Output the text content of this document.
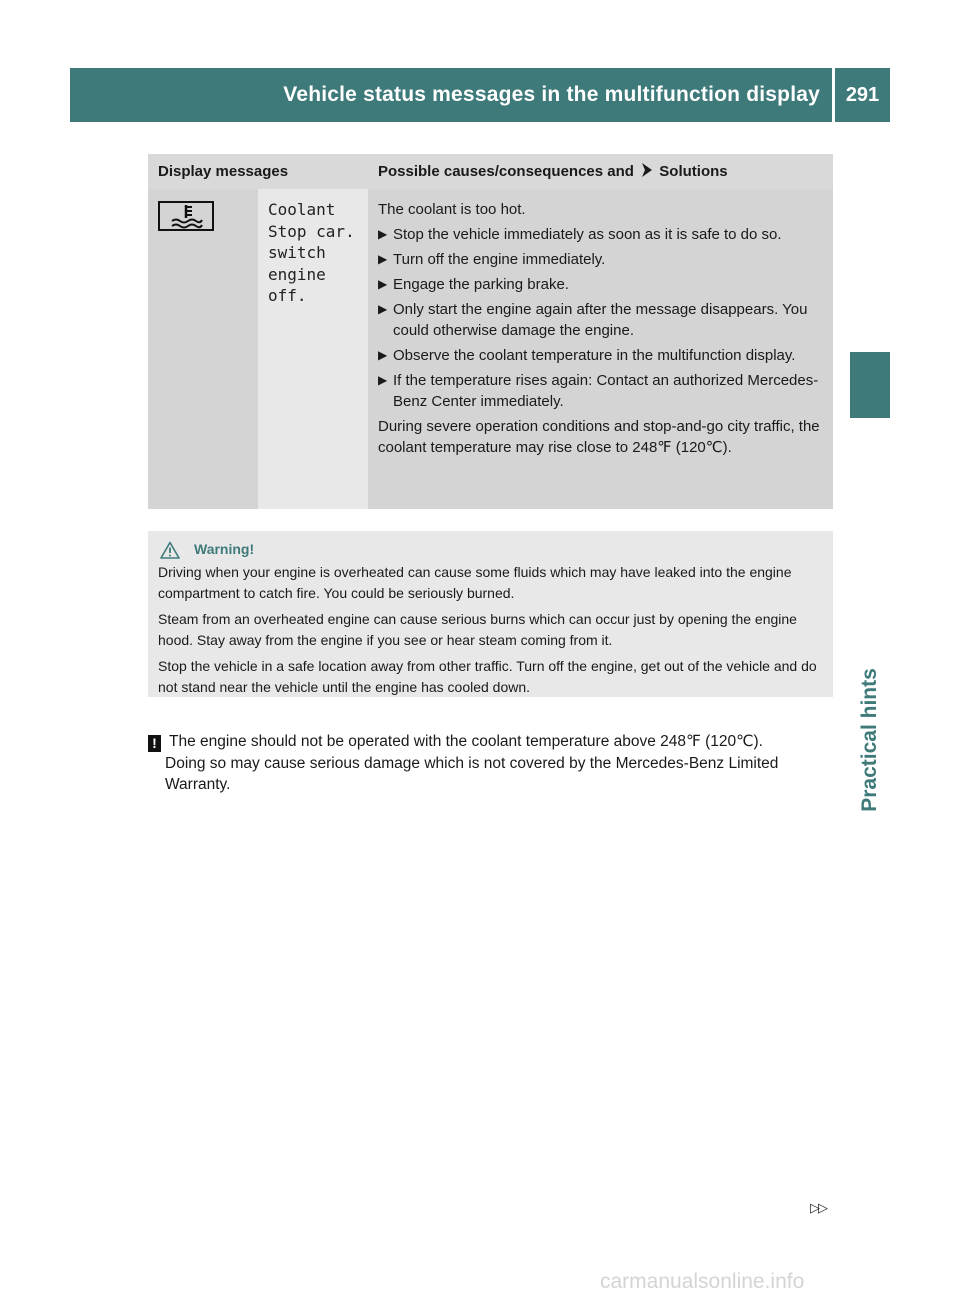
Vehicle status messages in the multifunction display	291
Practical hints
Display messages	Possible causes/consequences and Solutions
Coolant
Stop car.
switch
engine
off.
The coolant is too hot.
▶ Stop the vehicle immediately as soon as it is safe to do so.
▶ Turn off the engine immediately.
▶ Engage the parking brake.
▶ Only start the engine again after the message disappears. You could otherwise damage the engine.
▶ Observe the coolant temperature in the multifunction display.
▶ If the temperature rises again: Contact an authorized Mercedes-Benz Center immediately.
During severe operation conditions and stop-and-go city traffic, the coolant temperature may rise close to 248℉ (120℃).
Warning!
Driving when your engine is overheated can cause some fluids which may have leaked into the engine compartment to catch fire. You could be seriously burned.
Steam from an overheated engine can cause serious burns which can occur just by opening the engine hood. Stay away from the engine if you see or hear steam coming from it.
Stop the vehicle in a safe location away from other traffic. Turn off the engine, get out of the vehicle and do not stand near the vehicle until the engine has cooled down.
! The engine should not be operated with the coolant temperature above 248℉ (120℃).
Doing so may cause serious damage which is not covered by the Mercedes-Benz Limited
Warranty.
▷▷
carmanualsonline.info
